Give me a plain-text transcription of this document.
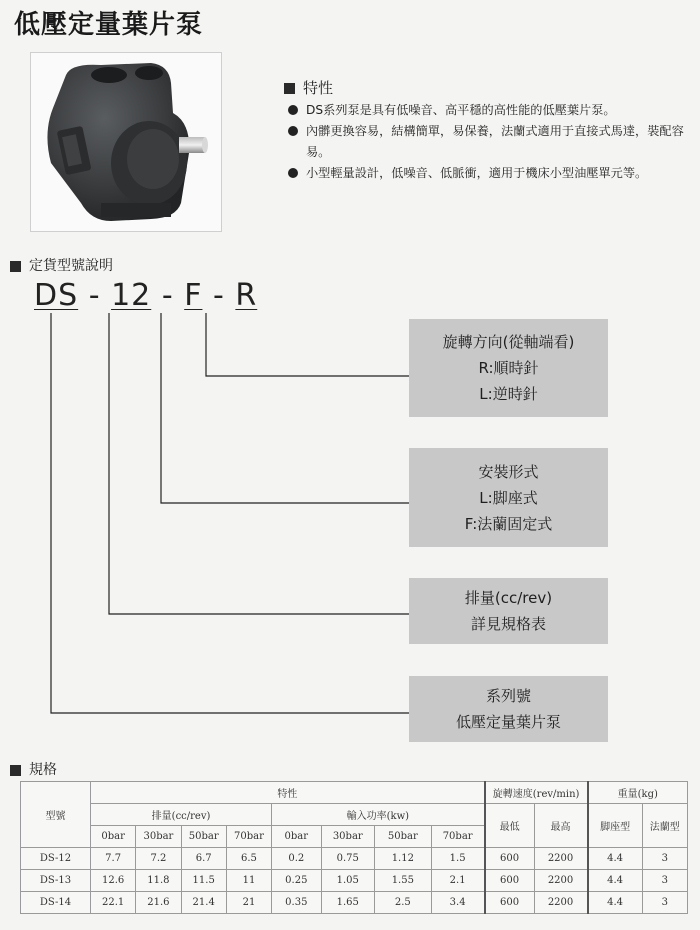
低壓定量葉片泵
特性
DS系列泵是具有低噪音、高平穩的高性能的低壓葉片泵。
內髒更換容易，結構簡單，易保養，法蘭式適用于直接式馬達，裝配容易。
小型輕量設計，低噪音、低脈衝，適用于機床小型油壓單元等。
定貨型號說明
DS - 12 - F - R
旋轉方向(從軸端看)
R:順時針
L:逆時針
安裝形式
L:脚座式
F:法蘭固定式
排量(cc/rev)
詳見規格表
系列號
低壓定量葉片泵
規格
型號	特性								旋轉速度(rev/min)		重量(kg)	
	排量(cc/rev)				輸入功率(kw)				最低	最高	脚座型	法蘭型
	0bar	30bar	50bar	70bar	0bar	30bar	50bar	70bar				
DS-12	7.7	7.2	6.7	6.5	0.2	0.75	1.12	1.5	600	2200	4.4	3
DS-13	12.6	11.8	11.5	11	0.25	1.05	1.55	2.1	600	2200	4.4	3
DS-14	22.1	21.6	21.4	21	0.35	1.65	2.5	3.4	600	2200	4.4	3
